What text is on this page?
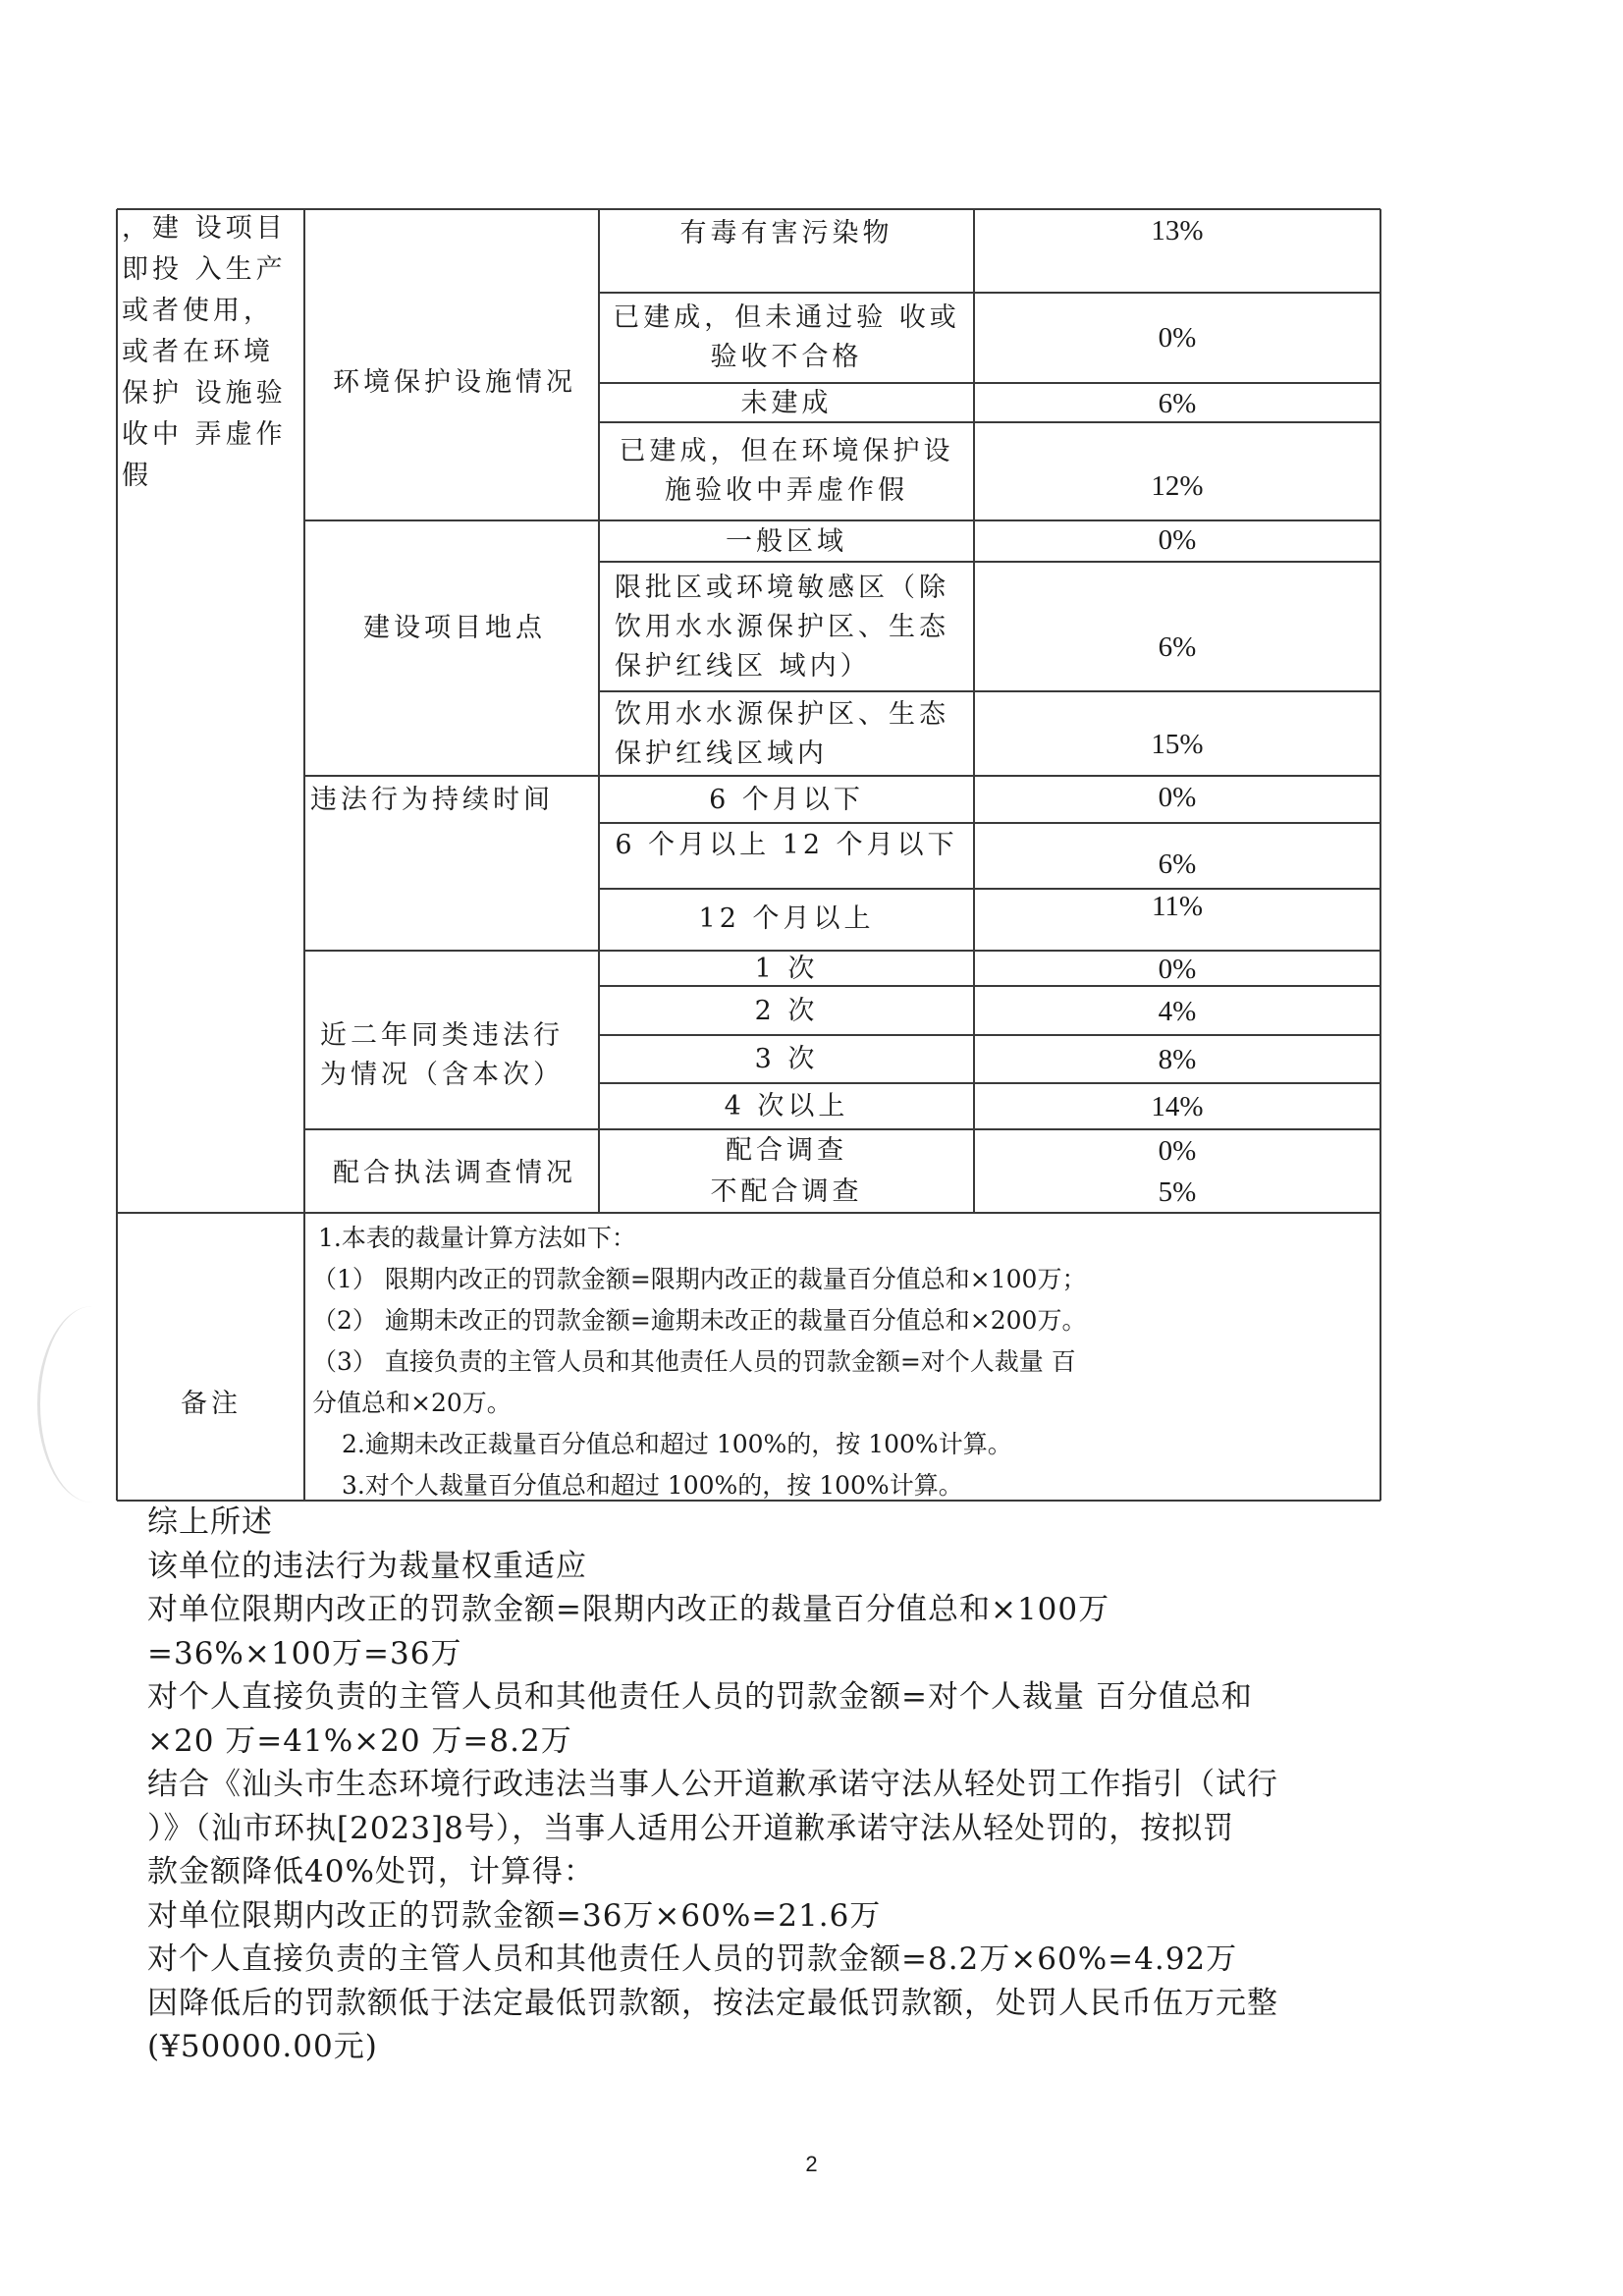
，建 设项目即投 入生产或者使用，或者在环境保护 设施验收中 弄虚作假
环境保护设施情况
建设项目地点
违法行为持续时间
近二年同类违法行为情况（含本次）
配合执法调查情况
有毒有害污染物
已建成，但未通过验 收或验收不合格
未建成
已建成，但在环境保护设施验收中弄虚作假
一般区域
限批区或环境敏感区（除饮用水水源保护区、生态保护红线区 域内）
饮用水水源保护区、生态保护红线区域内
6 个月以下
6 个月以上 12 个月以下
12 个月以上
1 次
2 次
3 次
4 次以上
配合调查
不配合调查
13%
0%
6%
12%
0%
6%
15%
0%
6%
11%
0%
4%
8%
14%
0%
5%
备注
1.本表的裁量计算方法如下：
（1） 限期内改正的罚款金额=限期内改正的裁量百分值总和×100万；
（2） 逾期未改正的罚款金额=逾期未改正的裁量百分值总和×200万。
（3） 直接负责的主管人员和其他责任人员的罚款金额=对个人裁量 百
分值总和×20万。
2.逾期未改正裁量百分值总和超过 100%的，按 100%计算。
3.对个人裁量百分值总和超过 100%的，按 100%计算。
综上所述
该单位的违法行为裁量权重适应
对单位限期内改正的罚款金额=限期内改正的裁量百分值总和×100万
=36%×100万=36万
对个人直接负责的主管人员和其他责任人员的罚款金额=对个人裁量 百分值总和
×20 万=41%×20 万=8.2万
结合《汕头市生态环境行政违法当事人公开道歉承诺守法从轻处罚工作指引（试行
）》（汕市环执[2023]8号），当事人适用公开道歉承诺守法从轻处罚的，按拟罚
款金额降低40%处罚，计算得：
对单位限期内改正的罚款金额=36万×60%=21.6万
对个人直接负责的主管人员和其他责任人员的罚款金额=8.2万×60%=4.92万
因降低后的罚款额低于法定最低罚款额，按法定最低罚款额，处罚人民币伍万元整
(¥50000.00元)
2
